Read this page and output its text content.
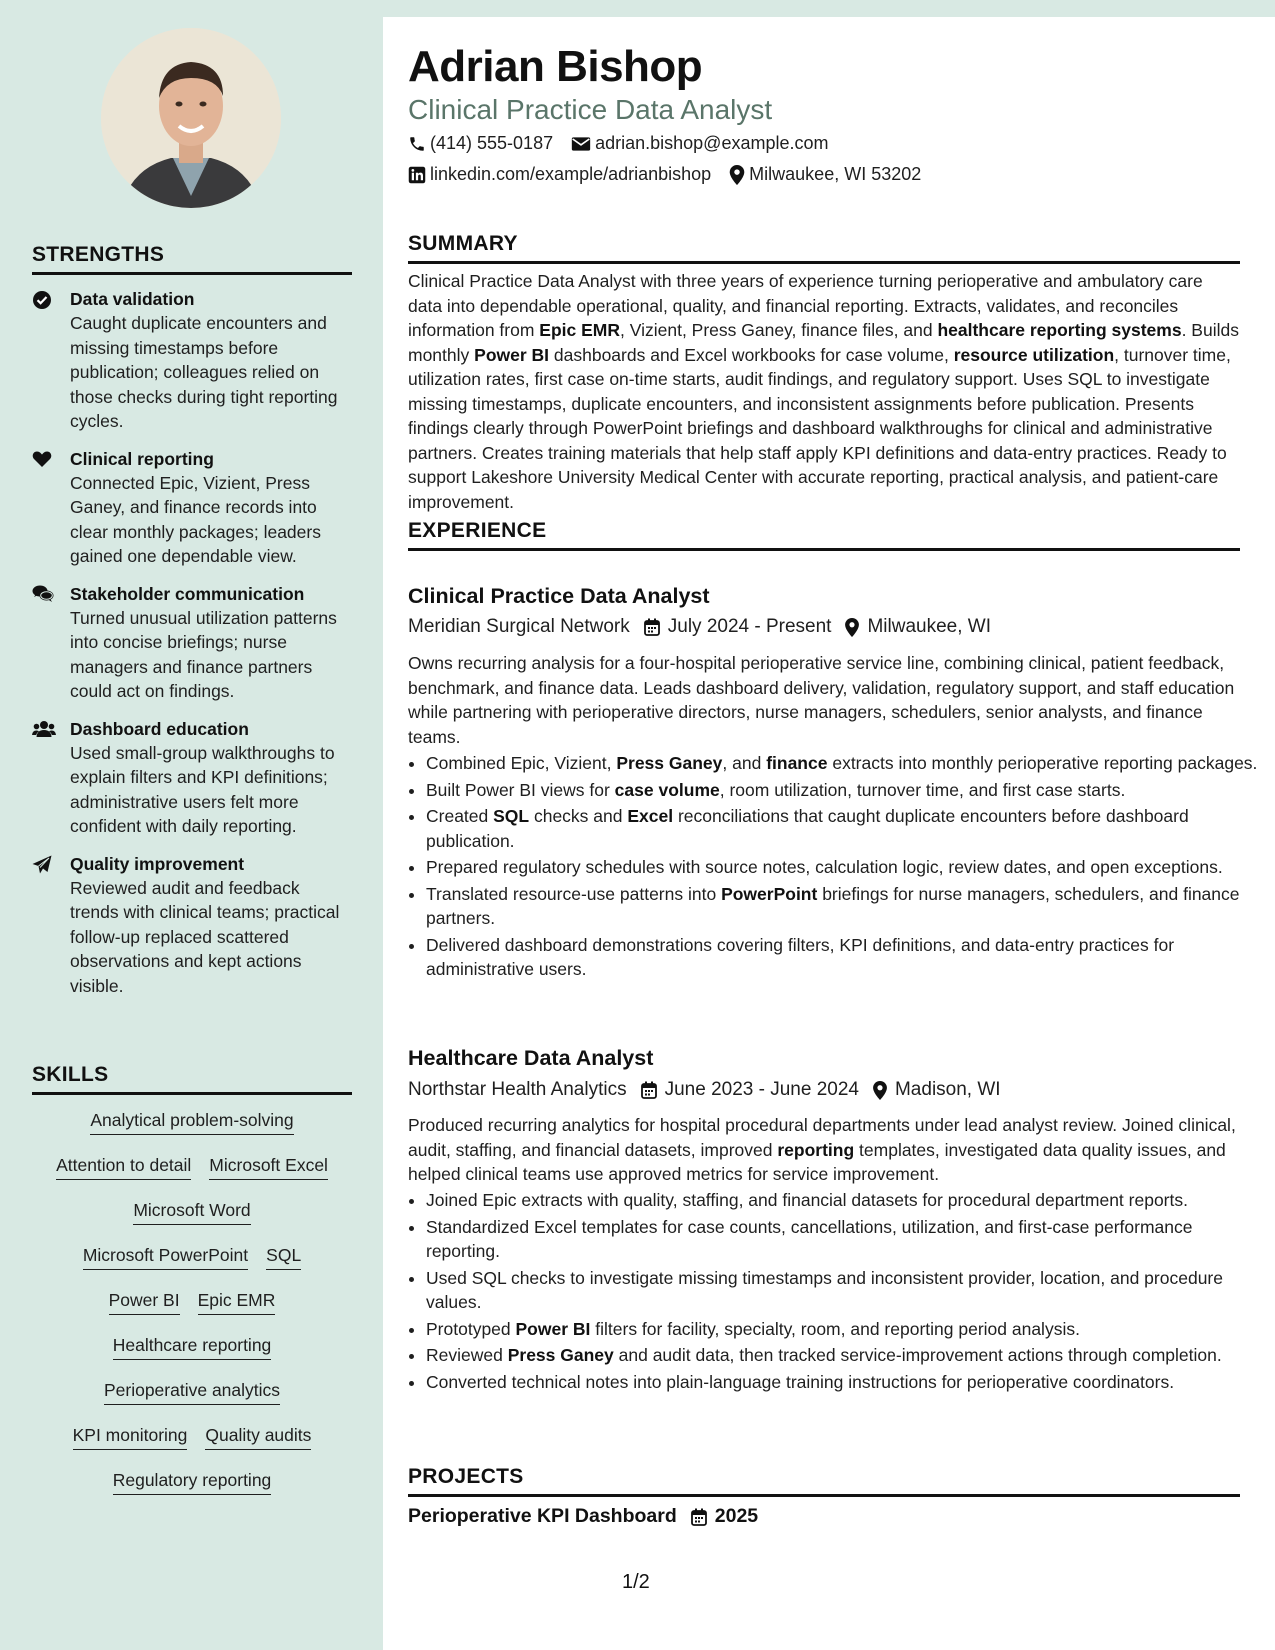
STRENGTHS
Data validation
Caught duplicate encounters and missing timestamps before publication; colleagues relied on those checks during tight reporting cycles.
Clinical reporting
Connected Epic, Vizient, Press Ganey, and finance records into clear monthly packages; leaders gained one dependable view.
Stakeholder communication
Turned unusual utilization patterns into concise briefings; nurse managers and finance partners could act on findings.
Dashboard education
Used small-group walkthroughs to explain filters and KPI definitions; administrative users felt more confident with daily reporting.
Quality improvement
Reviewed audit and feedback trends with clinical teams; practical follow-up replaced scattered observations and kept actions visible.
SKILLS
Analytical problem-solving
Attention to detail Microsoft Excel
Microsoft Word
Microsoft PowerPoint SQL
Power BI Epic EMR
Healthcare reporting
Perioperative analytics
KPI monitoring Quality audits
Regulatory reporting
Adrian Bishop
Clinical Practice Data Analyst
(414) 555-0187 adrian.bishop@example.com
linkedin.com/example/adrianbishop Milwaukee, WI 53202
SUMMARY
Clinical Practice Data Analyst with three years of experience turning perioperative and ambulatory care data into dependable operational, quality, and financial reporting. Extracts, validates, and reconciles information from Epic EMR, Vizient, Press Ganey, finance files, and healthcare reporting systems. Builds monthly Power BI dashboards and Excel workbooks for case volume, resource utilization, turnover time, utilization rates, first case on-time starts, audit findings, and regulatory support. Uses SQL to investigate missing timestamps, duplicate encounters, and inconsistent assignments before publication. Presents findings clearly through PowerPoint briefings and dashboard walkthroughs for clinical and administrative partners. Creates training materials that help staff apply KPI definitions and data-entry practices. Ready to support Lakeshore University Medical Center with accurate reporting, practical analysis, and patient-care improvement.
EXPERIENCE
Clinical Practice Data Analyst
Meridian Surgical Network July 2024 - Present Milwaukee, WI
Owns recurring analysis for a four-hospital perioperative service line, combining clinical, patient feedback, benchmark, and finance data. Leads dashboard delivery, validation, regulatory support, and staff education while partnering with perioperative directors, nurse managers, schedulers, senior analysts, and finance teams.
• Combined Epic, Vizient, Press Ganey, and finance extracts into monthly perioperative reporting packages.
• Built Power BI views for case volume, room utilization, turnover time, and first case starts.
• Created SQL checks and Excel reconciliations that caught duplicate encounters before dashboard publication.
• Prepared regulatory schedules with source notes, calculation logic, review dates, and open exceptions.
• Translated resource-use patterns into PowerPoint briefings for nurse managers, schedulers, and finance partners.
• Delivered dashboard demonstrations covering filters, KPI definitions, and data-entry practices for administrative users.
Healthcare Data Analyst
Northstar Health Analytics June 2023 - June 2024 Madison, WI
Produced recurring analytics for hospital procedural departments under lead analyst review. Joined clinical, audit, staffing, and financial datasets, improved reporting templates, investigated data quality issues, and helped clinical teams use approved metrics for service improvement.
• Joined Epic extracts with quality, staffing, and financial datasets for procedural department reports.
• Standardized Excel templates for case counts, cancellations, utilization, and first-case performance reporting.
• Used SQL checks to investigate missing timestamps and inconsistent provider, location, and procedure values.
• Prototyped Power BI filters for facility, specialty, room, and reporting period analysis.
• Reviewed Press Ganey and audit data, then tracked service-improvement actions through completion.
• Converted technical notes into plain-language training instructions for perioperative coordinators.
PROJECTS
Perioperative KPI Dashboard 2025
1/2
